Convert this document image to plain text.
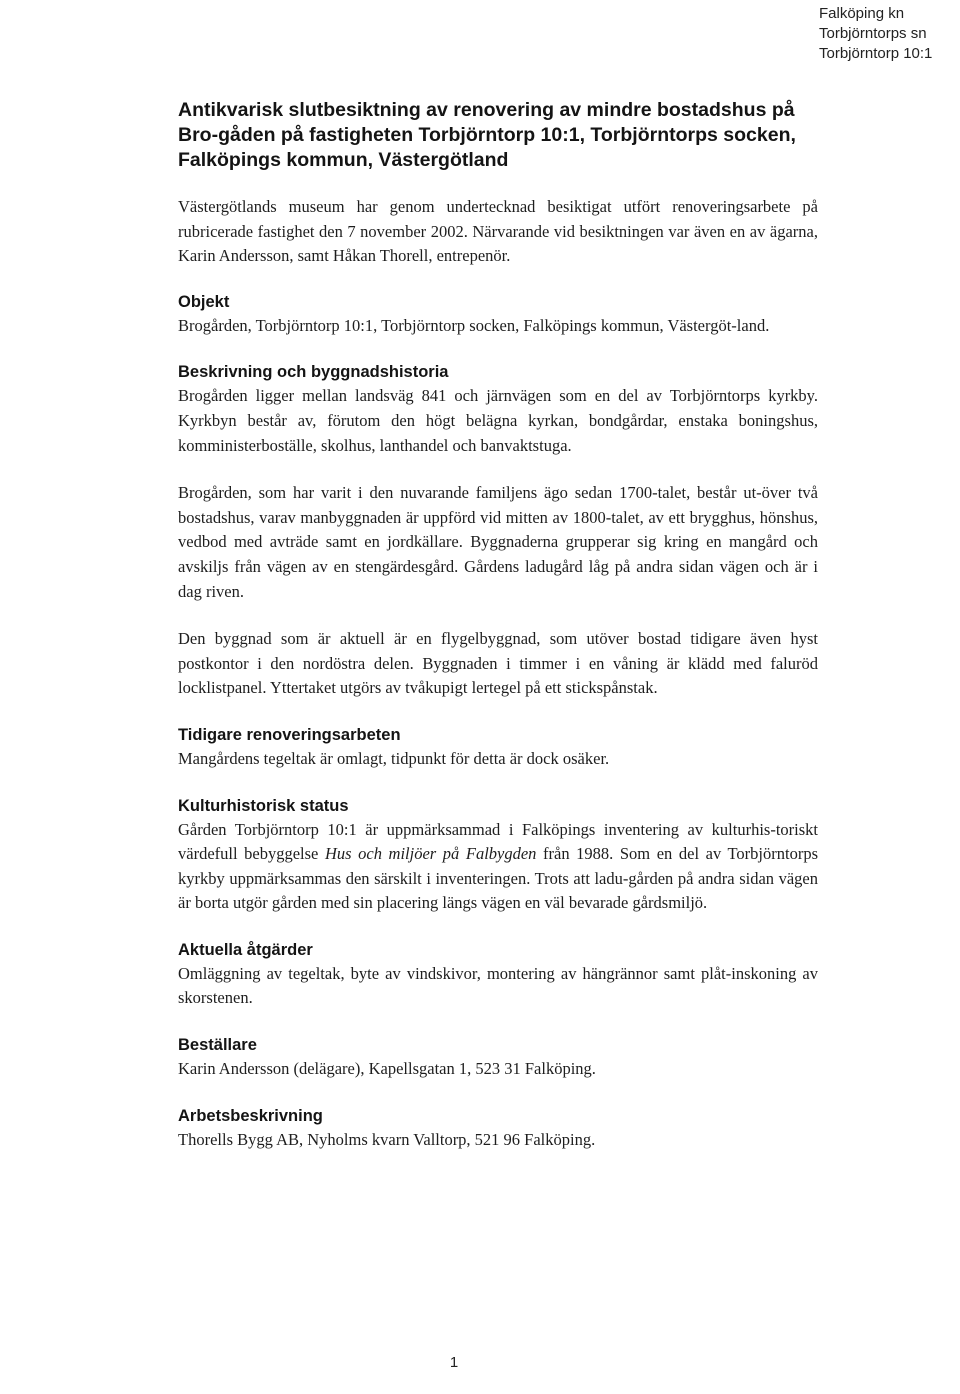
Falköping kn
Torbjörntorps sn
Torbjörntorp 10:1
Antikvarisk slutbesiktning av renovering av mindre bostadshus på Bro-gåden på fastigheten Torbjörntorp 10:1, Torbjörntorps socken, Falköpings kommun, Västergötland

Västergötlands museum har genom undertecknad besiktigat utfört renoveringsarbete på rubricerade fastighet den 7 november 2002. Närvarande vid besiktningen var även en av ägarna, Karin Andersson, samt Håkan Thorell, entrepenör.

Objekt

Brogården, Torbjörntorp 10:1, Torbjörntorp socken, Falköpings kommun, Västergöt-land.

Beskrivning och byggnadshistoria

Brogården ligger mellan landsväg 841 och järnvägen som en del av Torbjörntorps kyrkby. Kyrkbyn består av, förutom den högt belägna kyrkan, bondgårdar, enstaka boningshus, komministerboställe, skolhus, lanthandel och banvaktstuga.

Brogården, som har varit i den nuvarande familjens ägo sedan 1700-talet, består ut-över två bostadshus, varav manbyggnaden är uppförd vid mitten av 1800-talet, av ett brygghus, hönshus, vedbod med avträde samt en jordkällare. Byggnaderna grupperar sig kring en mangård och avskiljs från vägen av en stengärdesgård. Gårdens ladugård låg på andra sidan vägen och är i dag riven.

Den byggnad som är aktuell är en flygelbyggnad, som utöver bostad tidigare även hyst postkontor i den nordöstra delen. Byggnaden i timmer i en våning är klädd med faluröd locklistpanel. Yttertaket utgörs av tvåkupigt lertegel på ett stickspånstak.

Tidigare renoveringsarbeten

Mangårdens tegeltak är omlagt, tidpunkt för detta är dock osäker.

Kulturhistorisk status

Gården Torbjörntorp 10:1 är uppmärksammad i Falköpings inventering av kulturhis-toriskt värdefull bebyggelse Hus och miljöer på Falbygden från 1988. Som en del av Torbjörntorps kyrkby uppmärksammas den särskilt i inventeringen. Trots att ladu-gården på andra sidan vägen är borta utgör gården med sin placering längs vägen en väl bevarade gårdsmiljö.

Aktuella åtgärder

Omläggning av tegeltak, byte av vindskivor, montering av hängrännor samt plåt-inskoning av skorstenen.

Beställare

Karin Andersson (delägare), Kapellsgatan 1, 523 31 Falköping.

Arbetsbeskrivning

Thorells Bygg AB, Nyholms kvarn Valltorp, 521 96 Falköping.

1
